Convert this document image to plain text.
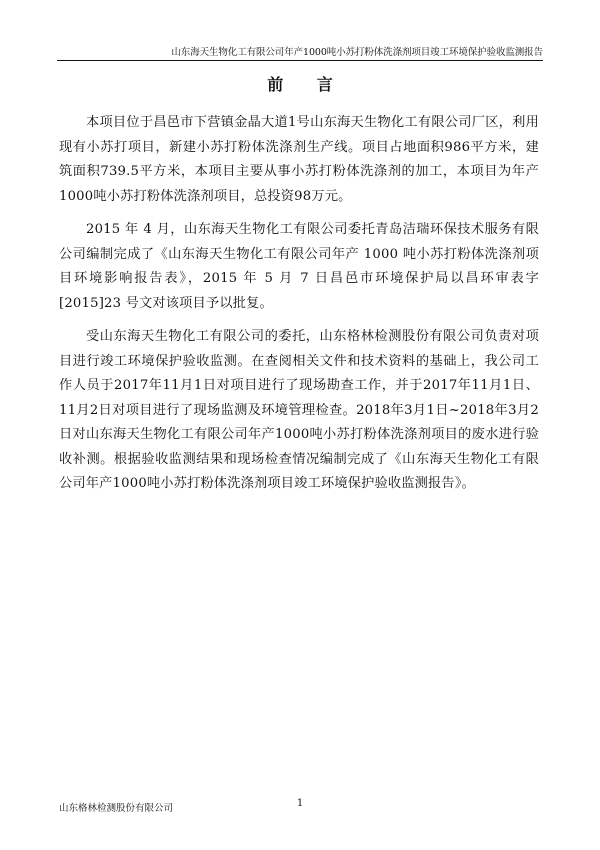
山东海天生物化工有限公司年产1000吨小苏打粉体洗涤剂项目竣工环境保护验收监测报告
前 言

本项目位于昌邑市下营镇金晶大道1号山东海天生物化工有限公司厂区，利用现有小苏打项目，新建小苏打粉体洗涤剂生产线。项目占地面积986平方米，建筑面积739.5平方米，本项目主要从事小苏打粉体洗涤剂的加工，本项目为年产1000吨小苏打粉体洗涤剂项目，总投资98万元。

2015 年 4 月，山东海天生物化工有限公司委托青岛洁瑞环保技术服务有限公司编制完成了《山东海天生物化工有限公司年产 1000 吨小苏打粉体洗涤剂项目环境影响报告表》，2015 年 5 月 7 日昌邑市环境保护局以昌环审表字[2015]23 号文对该项目予以批复。

受山东海天生物化工有限公司的委托，山东格林检测股份有限公司负责对项目进行竣工环境保护验收监测。在查阅相关文件和技术资料的基础上，我公司工作人员于2017年11月1日对项目进行了现场勘查工作，并于2017年11月1日、11月2日对项目进行了现场监测及环境管理检查。2018年3月1日~2018年3月2日对山东海天生物化工有限公司年产1000吨小苏打粉体洗涤剂项目的废水进行验收补测。根据验收监测结果和现场检查情况编制完成了《山东海天生物化工有限公司年产1000吨小苏打粉体洗涤剂项目竣工环境保护验收监测报告》。

山东格林检测股份有限公司	1
